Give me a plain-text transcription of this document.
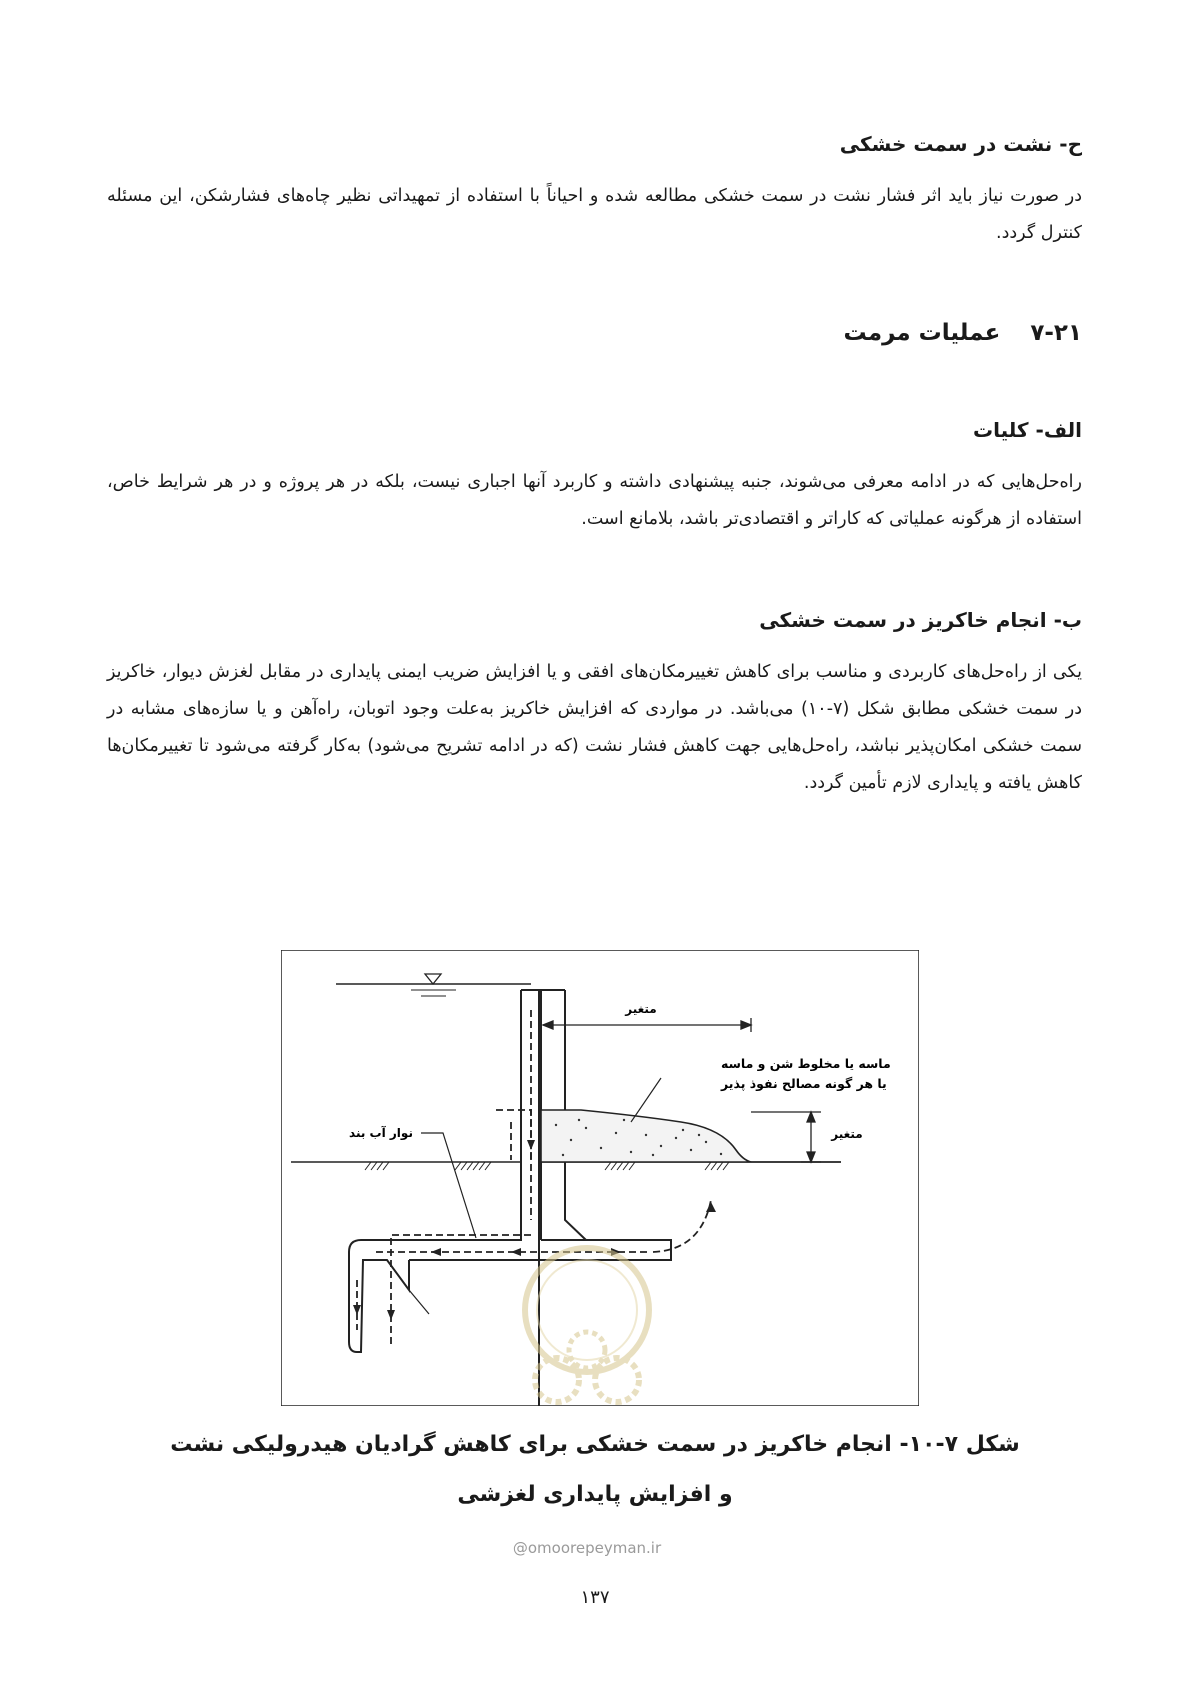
ح- نشت در سمت خشکی

در صورت نیاز باید اثر فشار نشت در سمت خشکی مطالعه شده و احیاناً با استفاده از تمهیداتی نظیر چاه‌های فشارشکن، این مسئله کنترل گردد.

۷-۲۱عملیات مرمت
الف- کلیات

راه‌حل‌هایی که در ادامه معرفی می‌شوند، جنبه پیشنهادی داشته و کاربرد آنها اجباری نیست، بلکه در هر پروژه و در هر شرایط خاص، استفاده از هرگونه عملیاتی که کاراتر و اقتصادی‌تر باشد، بلامانع است.

ب- انجام خاکریز در سمت خشکی

یکی از راه‌حل‌های کاربردی و مناسب برای کاهش تغییرمکان‌های افقی و یا افزایش ضریب ایمنی پایداری در مقابل لغزش دیوار، خاکریز در سمت خشکی مطابق شکل (۷-۱۰) می‌باشد. در مواردی که افزایش خاکریز به‌علت وجود اتوبان، راه‌آهن و یا سازه‌های مشابه در سمت خشکی امکان‌پذیر نباشد، راه‌حل‌هایی جهت کاهش فشار نشت (که در ادامه تشریح می‌شود) به‌کار گرفته می‌شود تا تغییرمکان‌ها کاهش یافته و پایداری لازم تأمین گردد.

متغیر
ماسه یا مخلوط شن و ماسه
یا هر گونه مصالح نفوذ پذیر
متغیر
نوار آب بند

شکل ۷-۱۰- انجام خاکریز در سمت خشکی برای کاهش گرادیان هیدرولیکی نشت

و افزایش پایداری لغزشی

@omoorepeyman.ir
۱۳۷
